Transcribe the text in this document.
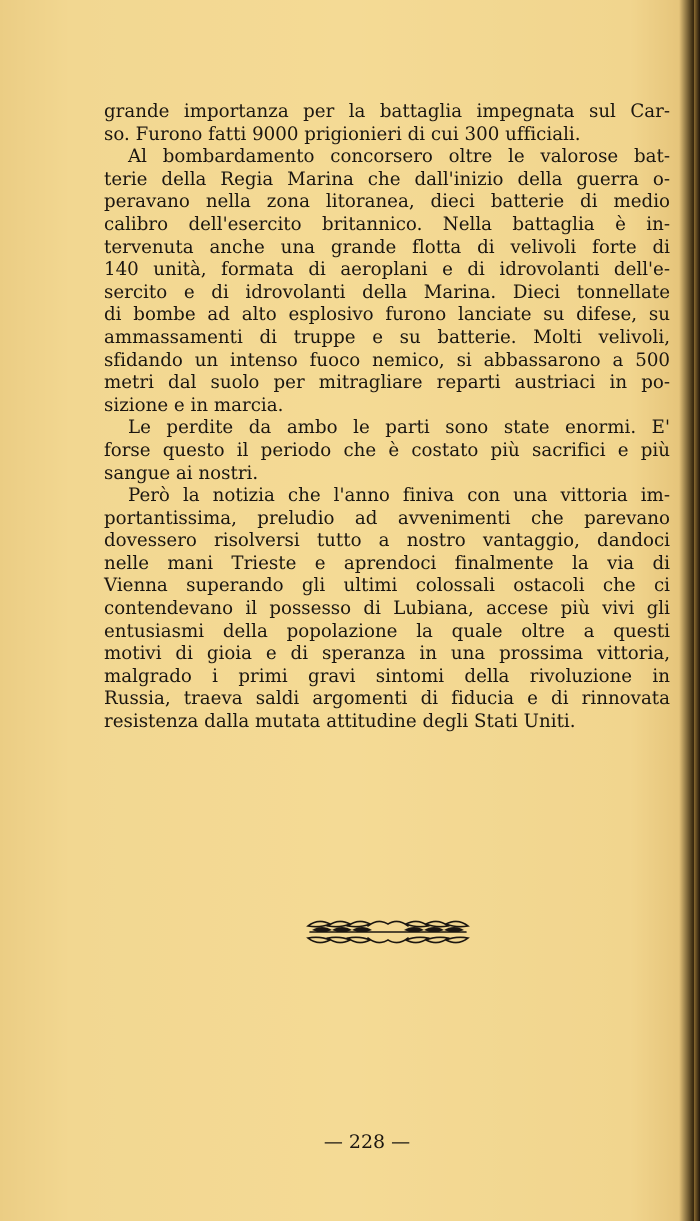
grande importanza per la battaglia impegnata sul Car-
so. Furono fatti 9000 prigionieri di cui 300 ufficiali.
Al bombardamento concorsero oltre le valorose bat-
terie della Regia Marina che dall'inizio della guerra o-
peravano nella zona litoranea, dieci batterie di medio
calibro dell'esercito britannico. Nella battaglia è in-
tervenuta anche una grande flotta di velivoli forte di
140 unità, formata di aeroplani e di idrovolanti dell'e-
sercito e di idrovolanti della Marina. Dieci tonnellate
di bombe ad alto esplosivo furono lanciate su difese, su
ammassamenti di truppe e su batterie. Molti velivoli,
sfidando un intenso fuoco nemico, si abbassarono a 500
metri dal suolo per mitragliare reparti austriaci in po-
sizione e in marcia.
Le perdite da ambo le parti sono state enormi. E'
forse questo il periodo che è costato più sacrifici e più
sangue ai nostri.
Però la notizia che l'anno finiva con una vittoria im-
portantissima, preludio ad avvenimenti che parevano
dovessero risolversi tutto a nostro vantaggio, dandoci
nelle mani Trieste e aprendoci finalmente la via di
Vienna superando gli ultimi colossali ostacoli che ci
contendevano il possesso di Lubiana, accese più vivi gli
entusiasmi della popolazione la quale oltre a questi
motivi di gioia e di speranza in una prossima vittoria,
malgrado i primi gravi sintomi della rivoluzione in
Russia, traeva saldi argomenti di fiducia e di rinnovata
resistenza dalla mutata attitudine degli Stati Uniti.
— 228 —
